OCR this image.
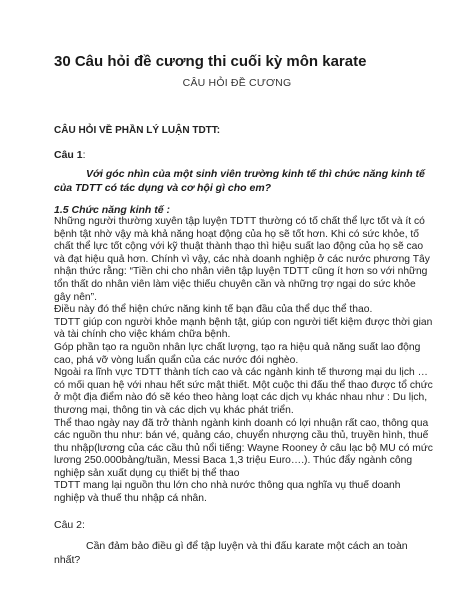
30 Câu hỏi đề cương thi cuối kỳ môn karate
CÂU HỎI ĐỀ CƯƠNG
CÂU HỎI VỀ PHẦN LÝ LUẬN TDTT:
Câu 1:
Với góc nhìn của một sinh viên trường kinh tế thì chức năng kinh tế của TDTT có tác dụng và cơ hội gì cho em?
1.5 Chức năng kinh tế :

Những người thường xuyên tập luyện TDTT thường có tố chất thể lực tốt và ít có bệnh tật nhờ vậy mà khả năng hoạt động của họ sẽ tốt hơn. Khi có sức khỏe, tố chất thể lực tốt cộng với kỹ thuật thành thạo thì hiệu suất lao động của họ sẽ cao và đạt hiệu quả hơn. Chính vì vậy, các nhà doanh nghiệp ở các nước phương Tây nhận thức rằng: “Tiền chi cho nhân viên tập luyện TDTT cũng ít hơn so với những tổn thất do nhân viên làm việc thiếu chuyên cần và những trợ ngại do sức khỏe gây nên”.

Điều này đó thể hiện chức năng kinh tế bạn đầu của thể dục thể thao.

TDTT giúp con người khỏe mạnh bệnh tật, giúp con người tiết kiệm được thời gian và tài chính cho việc khám chữa bệnh.

Góp phần tạo ra nguồn nhân lực chất lượng, tạo ra hiệu quả năng suất lao động cao, phá vỡ vòng luẩn quẩn của các nước đói nghèo.

Ngoài ra lĩnh vực TDTT thành tích cao và các ngành kinh tế thương mại du lịch … có mối quan hệ với nhau hết sức mật thiết. Một cuộc thi đấu thể thao được tổ chức ở một địa điểm nào đó sẽ kéo theo hàng loạt các dịch vụ khác nhau như : Du lịch, thương mại, thông tin và các dịch vụ khác phát triển.

Thể thao ngày nay đã trở thành ngành kinh doanh có lợi nhuận rất cao, thông qua các nguồn thu như: bán vé, quảng cáo, chuyển nhượng cầu thủ, truyền hình, thuế thu nhập(lương của các cầu thủ nổi tiếng: Wayne Rooney ở câu lạc bộ MU có mức lương 250.000bảng/tuần, Messi Baca 1,3 triệu Euro….). Thúc đẩy ngành công nghiệp sản xuất dụng cụ thiết bị thể thao

TDTT mang lại nguồn thu lớn cho nhà nước thông qua nghĩa vụ thuế doanh nghiệp và thuế thu nhập cá nhân.

Câu 2:
Cần đảm bảo điều gì để tập luyện và thi đấu karate một cách an toàn nhất?
